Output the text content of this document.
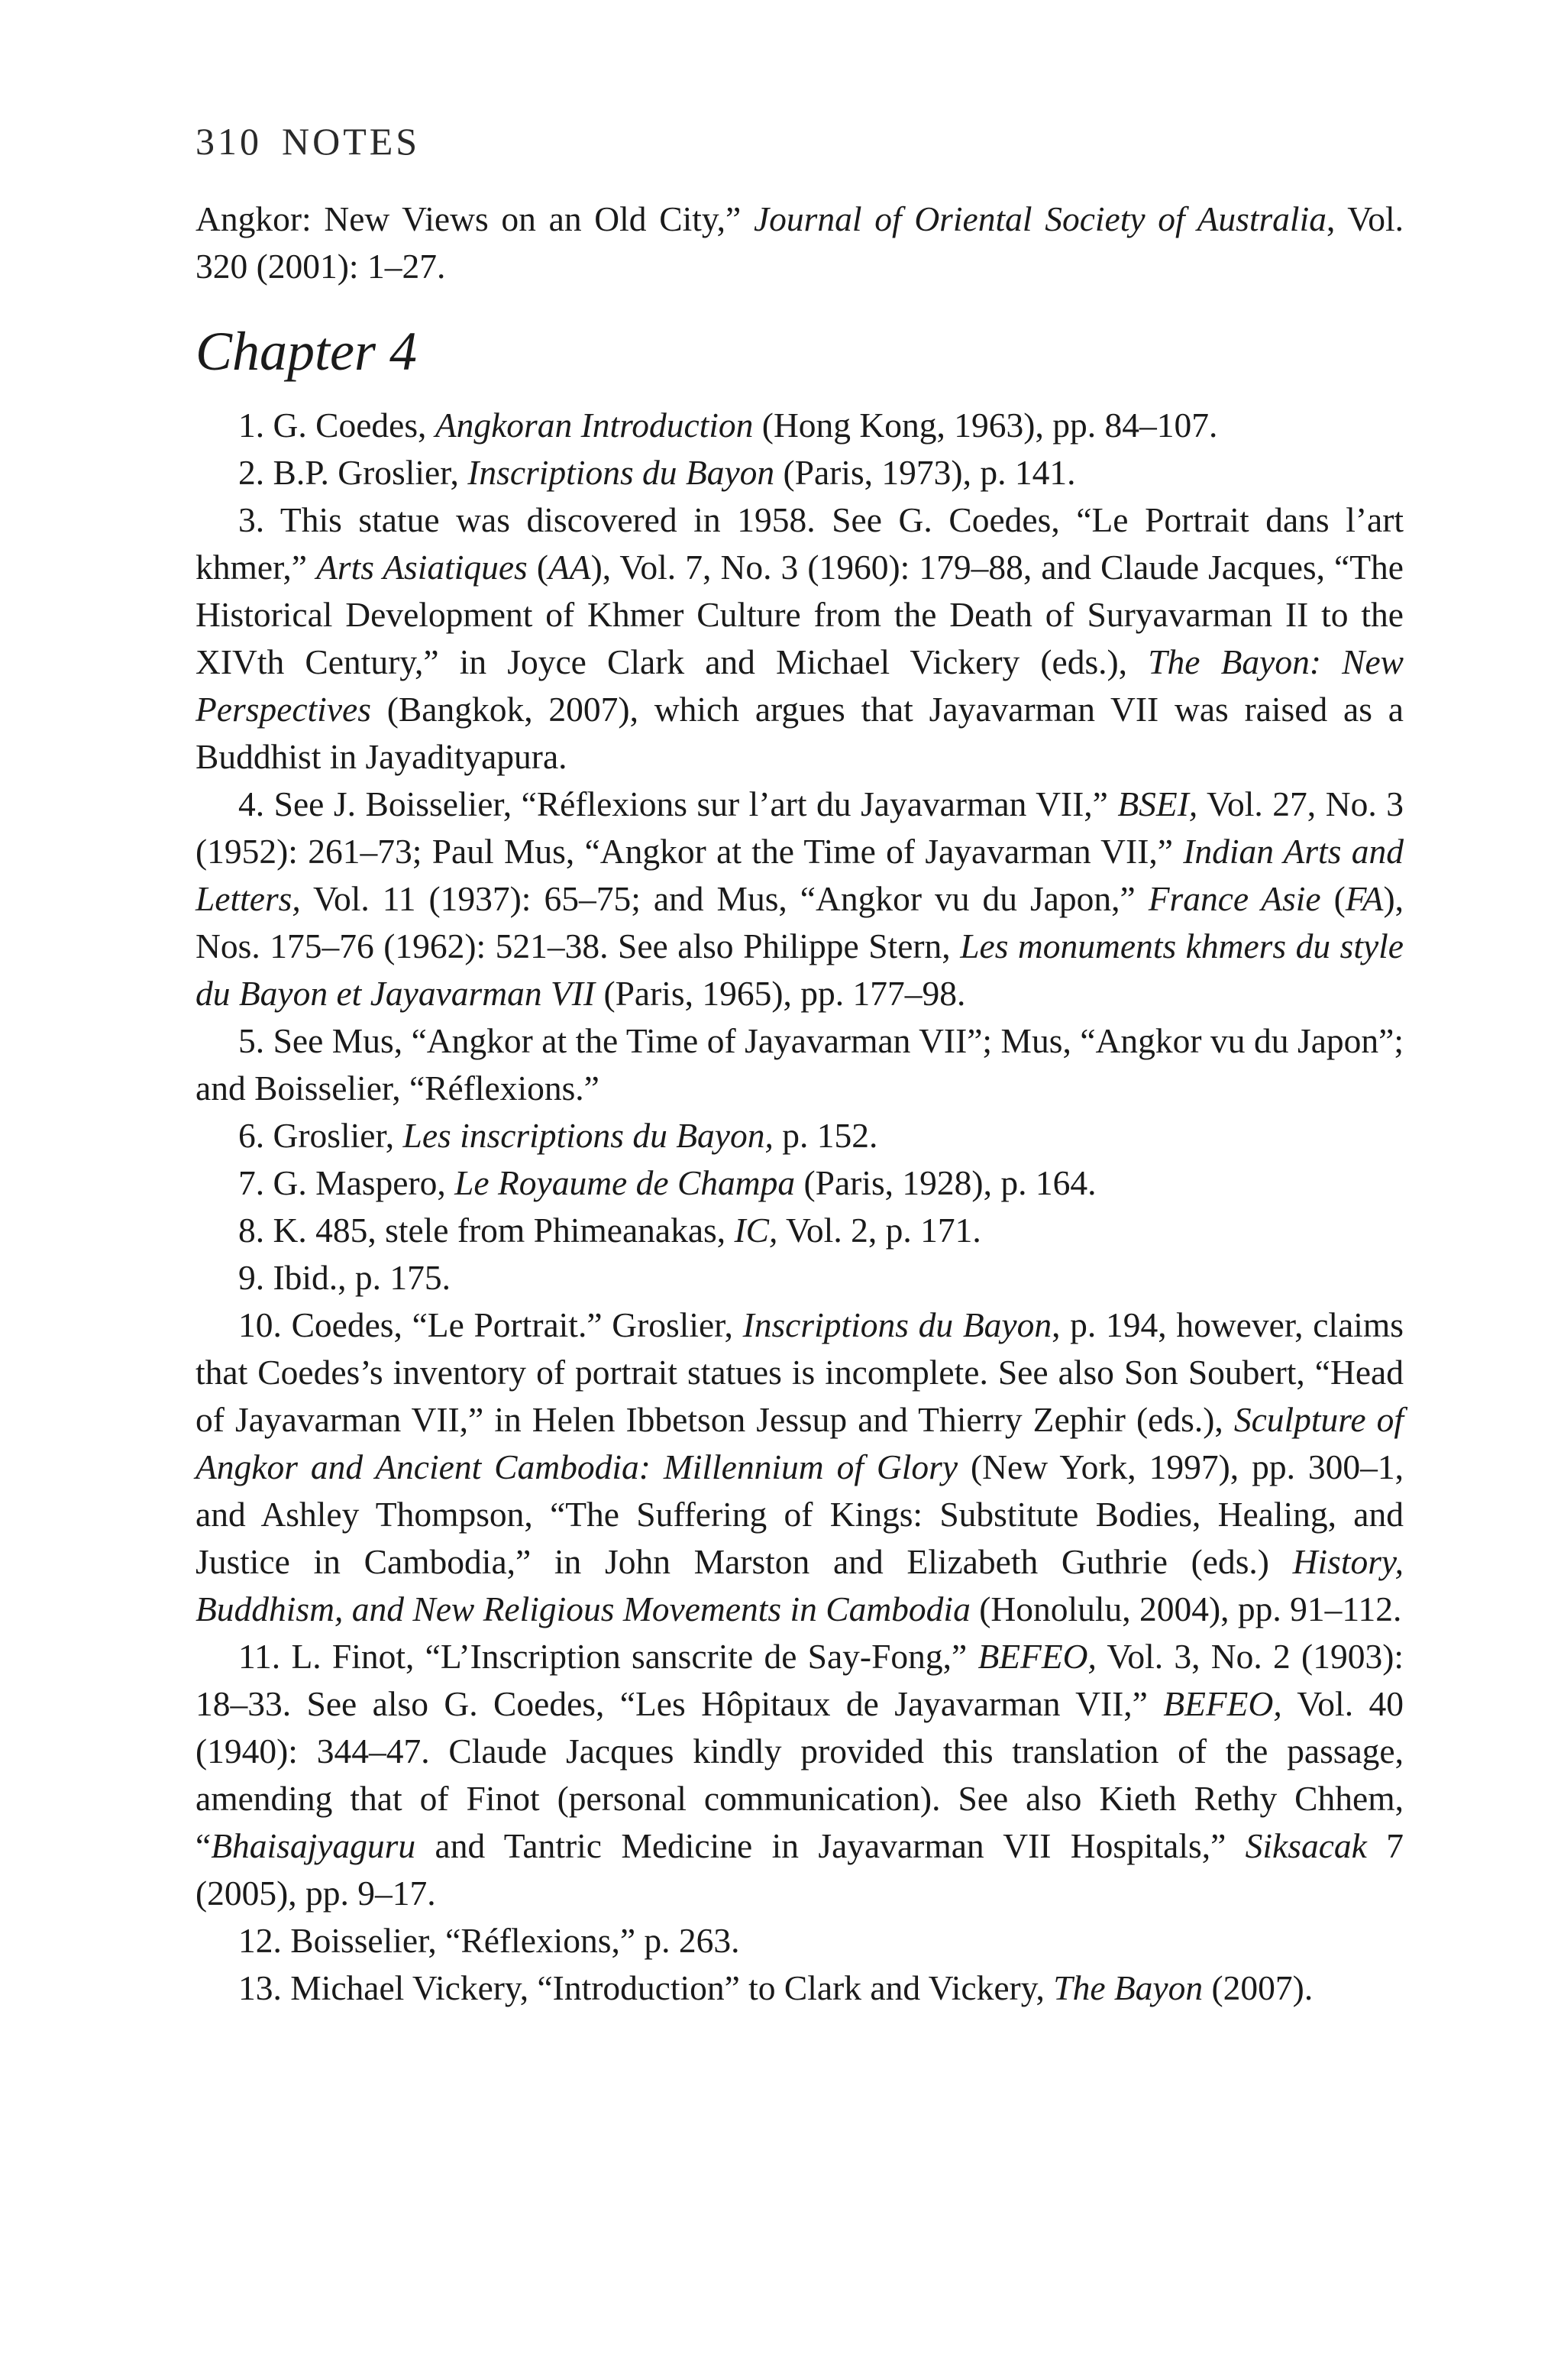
310 NOTES

Angkor: New Views on an Old City,” Journal of Oriental Society of Australia, Vol. 320 (2001): 1–27.

Chapter 4

1. G. Coedes, Angkoran Introduction (Hong Kong, 1963), pp. 84–107.

2. B.P. Groslier, Inscriptions du Bayon (Paris, 1973), p. 141.

3. This statue was discovered in 1958. See G. Coedes, “Le Portrait dans l’art khmer,” Arts Asiatiques (AA), Vol. 7, No. 3 (1960): 179–88, and Claude Jacques, “The Historical Development of Khmer Culture from the Death of Suryavarman II to the XIVth Century,” in Joyce Clark and Michael Vickery (eds.), The Bayon: New Perspectives (Bangkok, 2007), which argues that Jayavarman VII was raised as a Buddhist in Jayadityapura.

4. See J. Boisselier, “Réflexions sur l’art du Jayavarman VII,” BSEI, Vol. 27, No. 3 (1952): 261–73; Paul Mus, “Angkor at the Time of Jayavarman VII,” Indian Arts and Letters, Vol. 11 (1937): 65–75; and Mus, “Angkor vu du Japon,” France Asie (FA), Nos. 175–76 (1962): 521–38. See also Philippe Stern, Les monuments khmers du style du Bayon et Jayavarman VII (Paris, 1965), pp. 177–98.

5. See Mus, “Angkor at the Time of Jayavarman VII”; Mus, “Angkor vu du Japon”; and Boisselier, “Réflexions.”

6. Groslier, Les inscriptions du Bayon, p. 152.

7. G. Maspero, Le Royaume de Champa (Paris, 1928), p. 164.

8. K. 485, stele from Phimeanakas, IC, Vol. 2, p. 171.

9. Ibid., p. 175.

10. Coedes, “Le Portrait.” Groslier, Inscriptions du Bayon, p. 194, however, claims that Coedes’s inventory of portrait statues is incomplete. See also Son Soubert, “Head of Jayavarman VII,” in Helen Ibbetson Jessup and Thierry Zephir (eds.), Sculpture of Angkor and Ancient Cambodia: Millennium of Glory (New York, 1997), pp. 300–1, and Ashley Thompson, “The Suffering of Kings: Substitute Bodies, Healing, and Justice in Cambodia,” in John Marston and Elizabeth Guthrie (eds.) History, Buddhism, and New Religious Movements in Cambodia (Honolulu, 2004), pp. 91–112.

11. L. Finot, “L’Inscription sanscrite de Say-Fong,” BEFEO, Vol. 3, No. 2 (1903): 18–33. See also G. Coedes, “Les Hôpitaux de Jayavarman VII,” BEFEO, Vol. 40 (1940): 344–47. Claude Jacques kindly provided this translation of the passage, amending that of Finot (personal communication). See also Kieth Rethy Chhem, “Bhaisajyaguru and Tantric Medicine in Jayavarman VII Hospitals,” Siksacak 7 (2005), pp. 9–17.

12. Boisselier, “Réflexions,” p. 263.

13. Michael Vickery, “Introduction” to Clark and Vickery, The Bayon (2007).
